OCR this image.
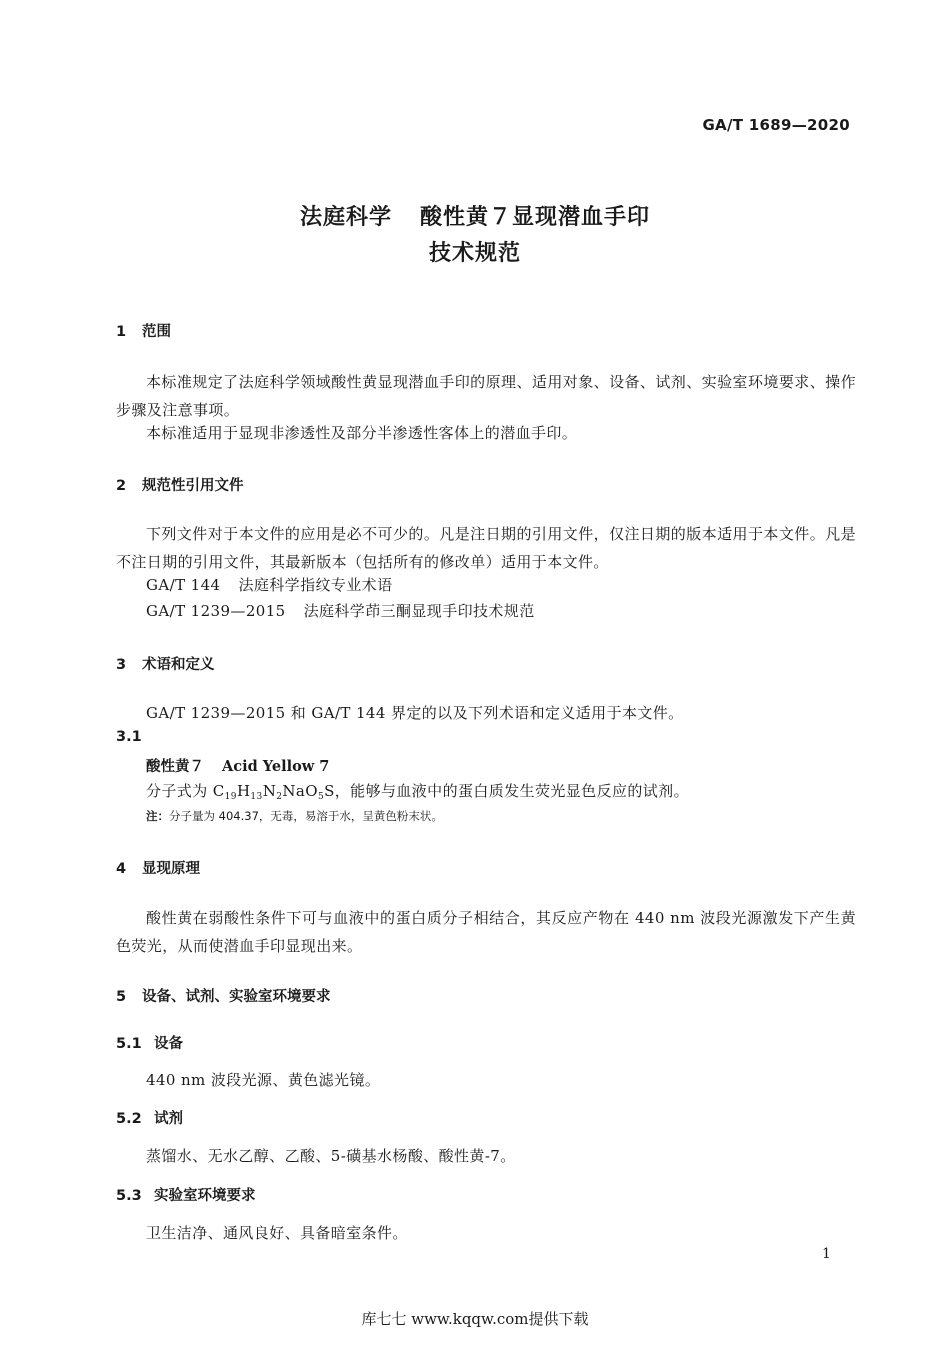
GA/T 1689—2020
法庭科学 酸性黄７显现潜血手印
技术规范
1 范围
本标准规定了法庭科学领域酸性黄显现潜血手印的原理、适用对象、设备、试剂、实验室环境要求、操作步骤及注意事项。
本标准适用于显现非渗透性及部分半渗透性客体上的潜血手印。
2 规范性引用文件
下列文件对于本文件的应用是必不可少的。凡是注日期的引用文件，仅注日期的版本适用于本文件。凡是不注日期的引用文件，其最新版本（包括所有的修改单）适用于本文件。
GA/T 144 法庭科学指纹专业术语
GA/T 1239—2015 法庭科学茚三酮显现手印技术规范
3 术语和定义
GA/T 1239—2015 和 GA/T 144 界定的以及下列术语和定义适用于本文件。
3.1
酸性黄７ Acid Yellow 7
分子式为 $C_{19}H_{13}N_2NaO_5S$，能够与血液中的蛋白质发生荧光显色反应的试剂。
注：分子量为 404.37，无毒，易溶于水，呈黄色粉末状。
4 显现原理
酸性黄在弱酸性条件下可与血液中的蛋白质分子相结合，其反应产物在 440 nm 波段光源激发下产生黄色荧光，从而使潜血手印显现出来。
5 设备、试剂、实验室环境要求
5.1 设备
440 nm 波段光源、黄色滤光镜。
5.2 试剂
蒸馏水、无水乙醇、乙酸、5-磺基水杨酸、酸性黄-7。
5.3 实验室环境要求
卫生洁净、通风良好、具备暗室条件。
1
库七七 www.kqqw.com提供下载
